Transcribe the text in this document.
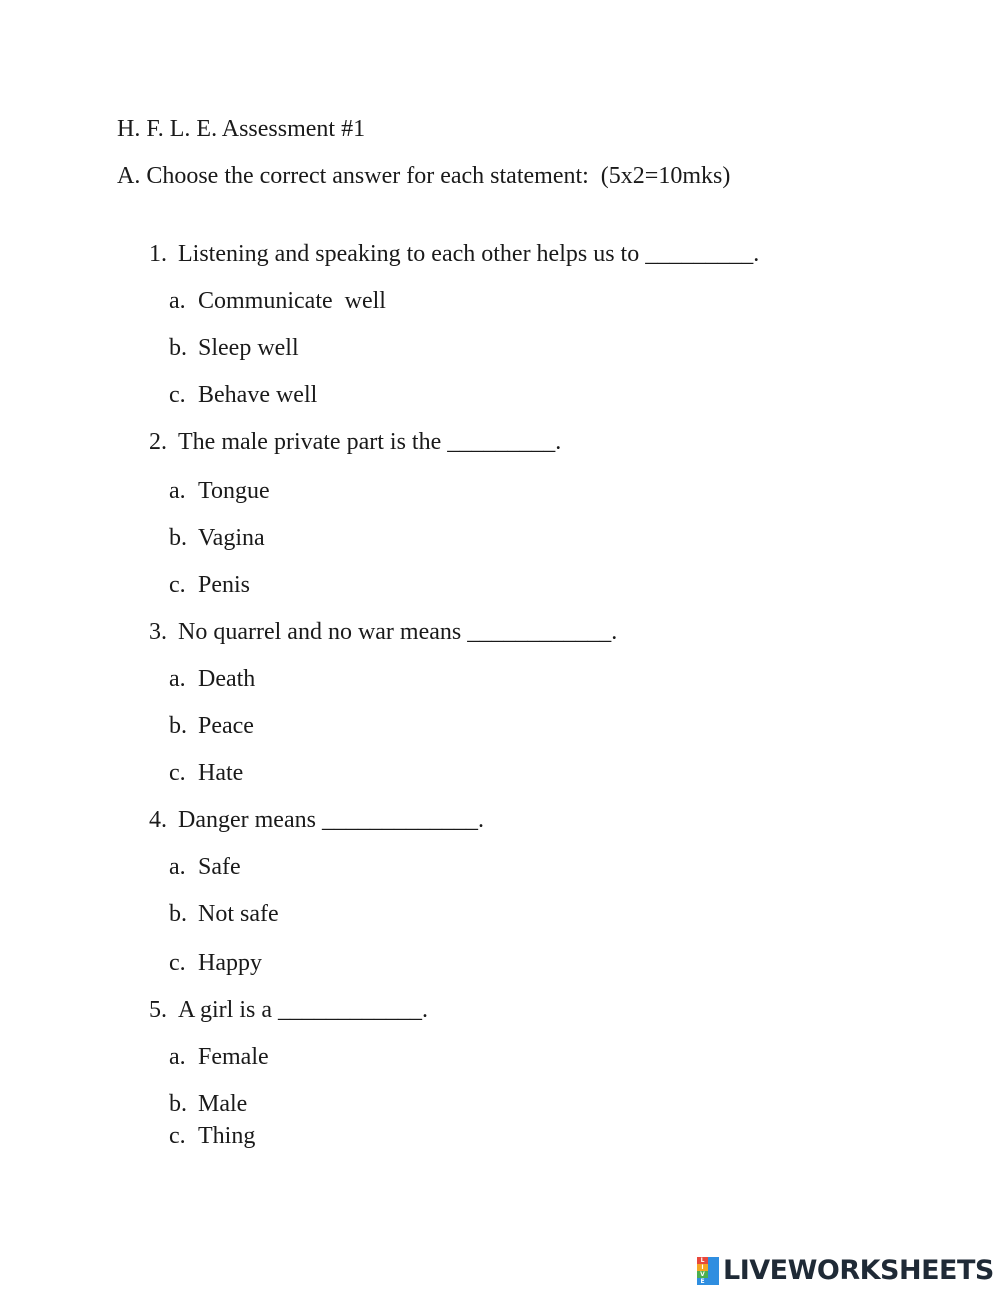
H. F. L. E. Assessment #1
A. Choose the correct answer for each statement:  (5x2=10mks)

1. Listening and speaking to each other helps us to _________.

a. Communicate  well

b. Sleep well

c. Behave well

2. The male private part is the _________.

a. Tongue

b. Vagina

c. Penis

3. No quarrel and no war means ____________.

a. Death

b. Peace

c. Hate

4. Danger means _____________.

a. Safe

b. Not safe

c. Happy

5. A girl is a ____________.

a. Female

b. Male

c. Thing

L
I
V
E LIVEWORKSHEETS
